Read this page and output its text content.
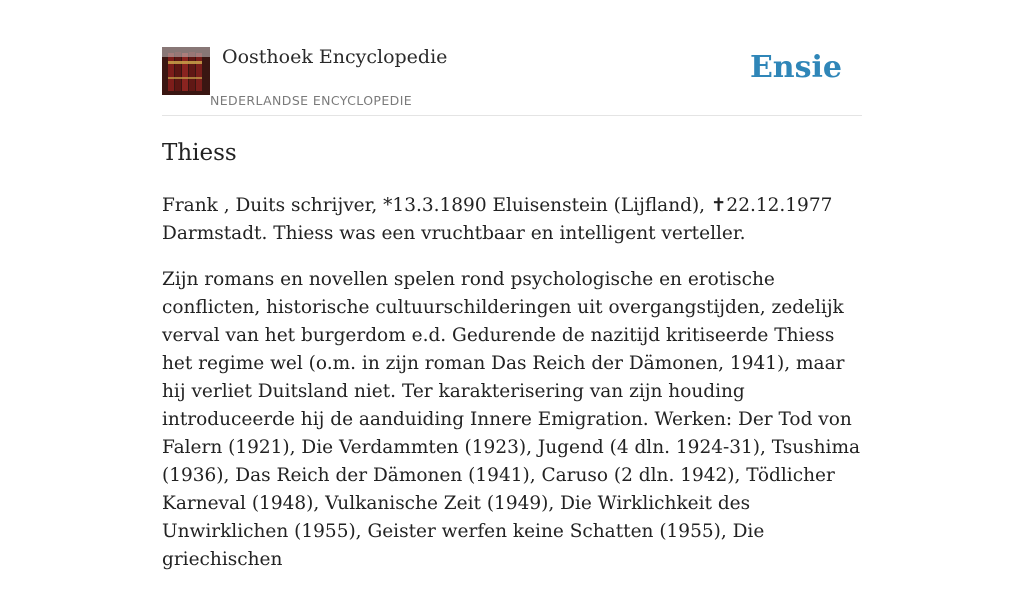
Oosthoek Encyclopedie
NEDERLANDSE ENCYCLOPEDIE
Ensie
Thiess

Frank , Duits schrijver, *13.3.1890 Eluisenstein (Lijfland), ✝22.12.1977 Darmstadt. Thiess was een vruchtbaar en intelligent verteller.

Zijn romans en novellen spelen rond psychologische en erotische conflicten, historische cultuurschilderingen uit overgangstijden, zedelijk verval van het burgerdom e.d. Gedurende de nazitijd kritiseerde Thiess het regime wel (o.m. in zijn roman Das Reich der Dämonen, 1941), maar hij verliet Duitsland niet. Ter karakterisering van zijn houding introduceerde hij de aanduiding Innere Emigration. Werken: Der Tod von Falern (1921), Die Verdammten (1923), Jugend (4 dln. 1924-31), Tsushima (1936), Das Reich der Dämonen (1941), Caruso (2 dln. 1942), Tödlicher Karneval (1948), Vulkanische Zeit (1949), Die Wirklichkeit des Unwirklichen (1955), Geister werfen keine Schatten (1955), Die griechischen
